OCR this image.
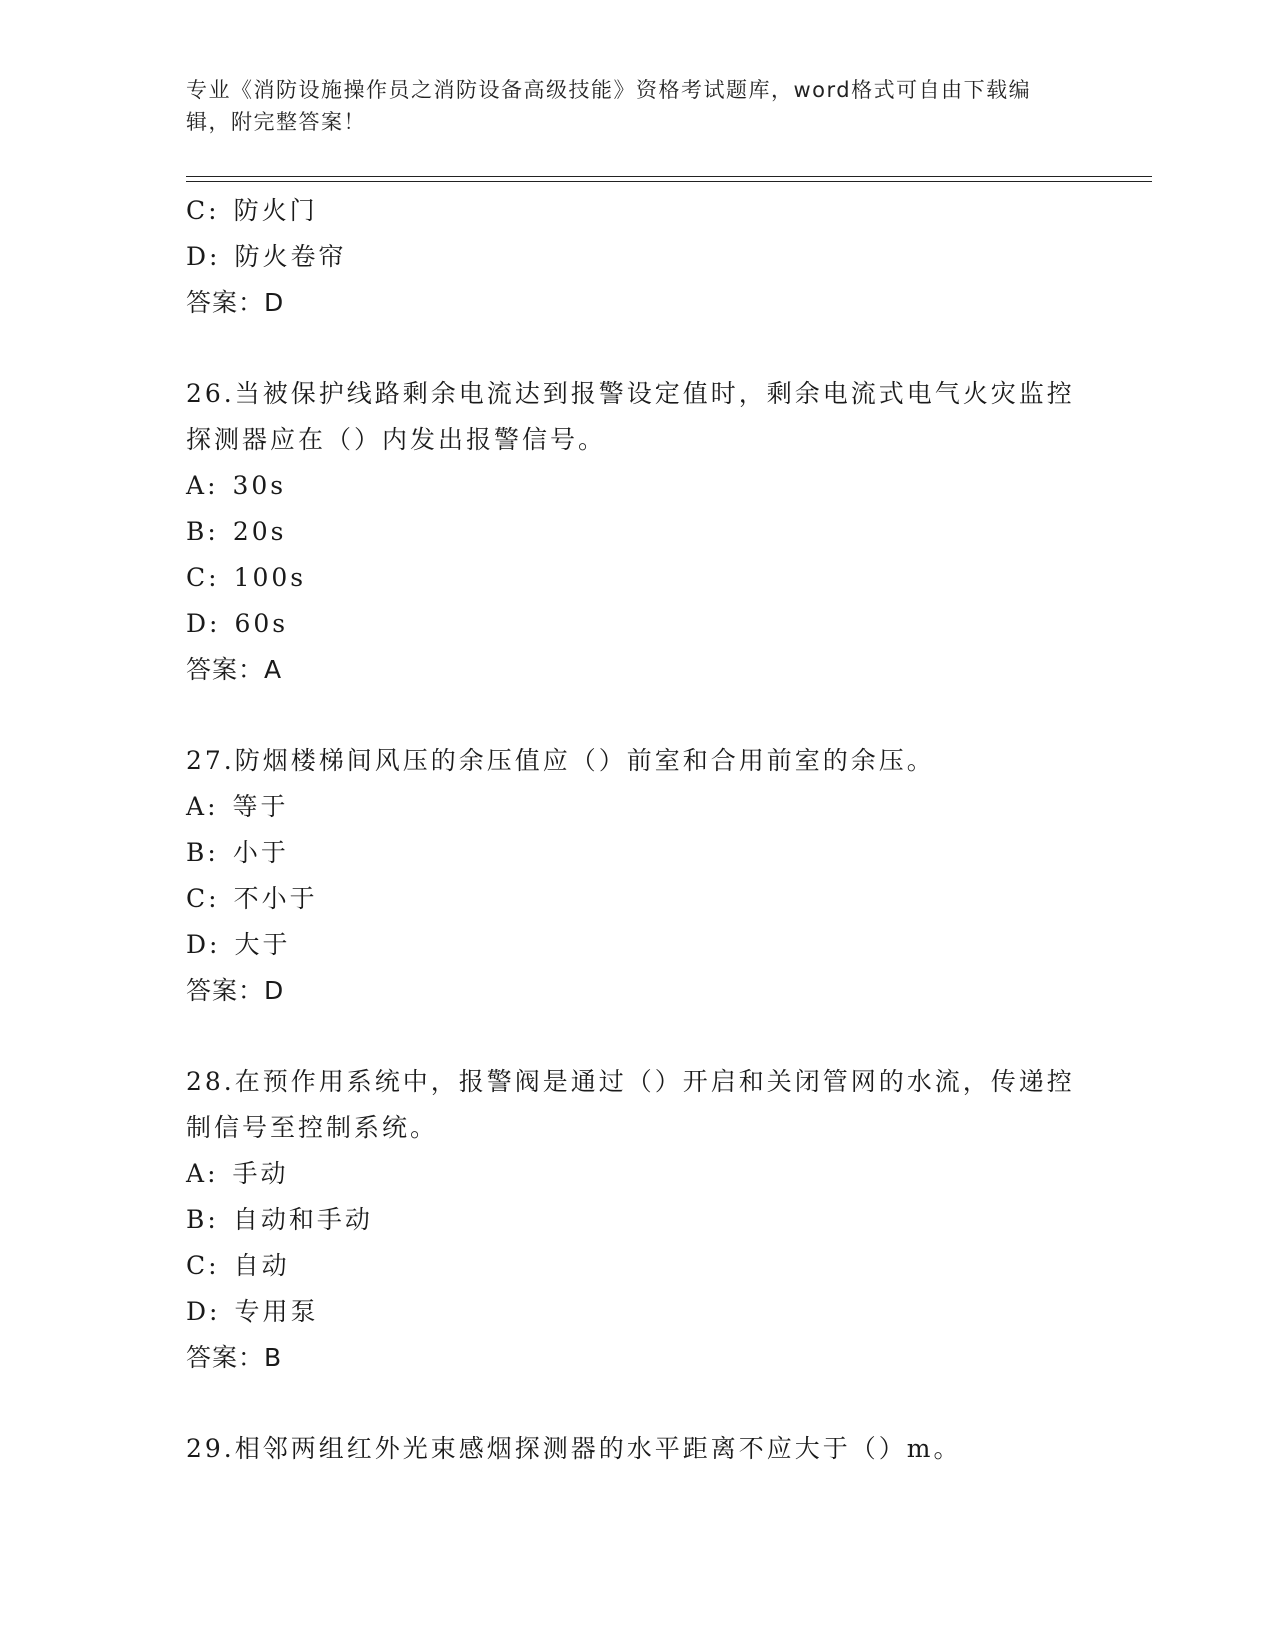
专业《消防设施操作员之消防设备高级技能》资格考试题库，word格式可自由下载编辑，附完整答案！
C: 防火门
D: 防火卷帘
答案：D
26.当被保护线路剩余电流达到报警设定值时，剩余电流式电气火灾监控探测器应在（）内发出报警信号。
A: 30s
B: 20s
C: 100s
D: 60s
答案：A
27.防烟楼梯间风压的余压值应（）前室和合用前室的余压。
A: 等于
B: 小于
C: 不小于
D: 大于
答案：D
28.在预作用系统中，报警阀是通过（）开启和关闭管网的水流，传递控制信号至控制系统。
A: 手动
B: 自动和手动
C: 自动
D: 专用泵
答案：B
29.相邻两组红外光束感烟探测器的水平距离不应大于（）m。
